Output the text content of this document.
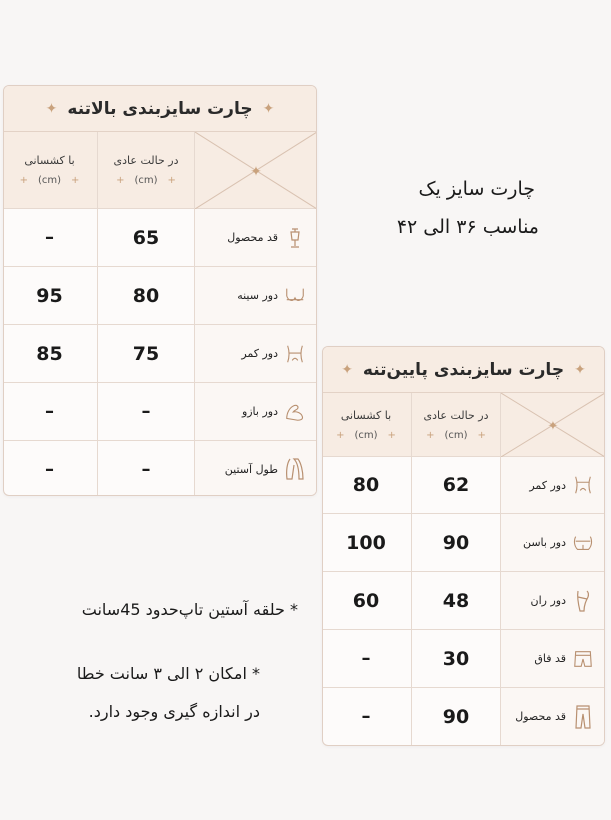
✦
چارت سایزبندی بالاتنه
✦
✦
در حالت عادی
+
(cm)
+
با کشسانی
+
(cm)
+
قد محصول
65
–
دور سینه
80
95
دور کمر
75
85
دور بازو
–
–
طول آستین
–
–
چارت سایز یک
مناسب ۳۶ الی ۴۲
✦
چارت سایزبندی پایین‌تنه
✦
✦
در حالت عادی
+
(cm)
+
با کشسانی
+
(cm)
+
دور کمر
62
80
دور باسن
90
100
دور ران
48
60
قد فاق
30
–
قد محصول
90
–
* حلقه آستین تاپ‌حدود 45سانت
* امکان ۲ الی ۳ سانت خطا
در اندازه گیری وجود دارد.
